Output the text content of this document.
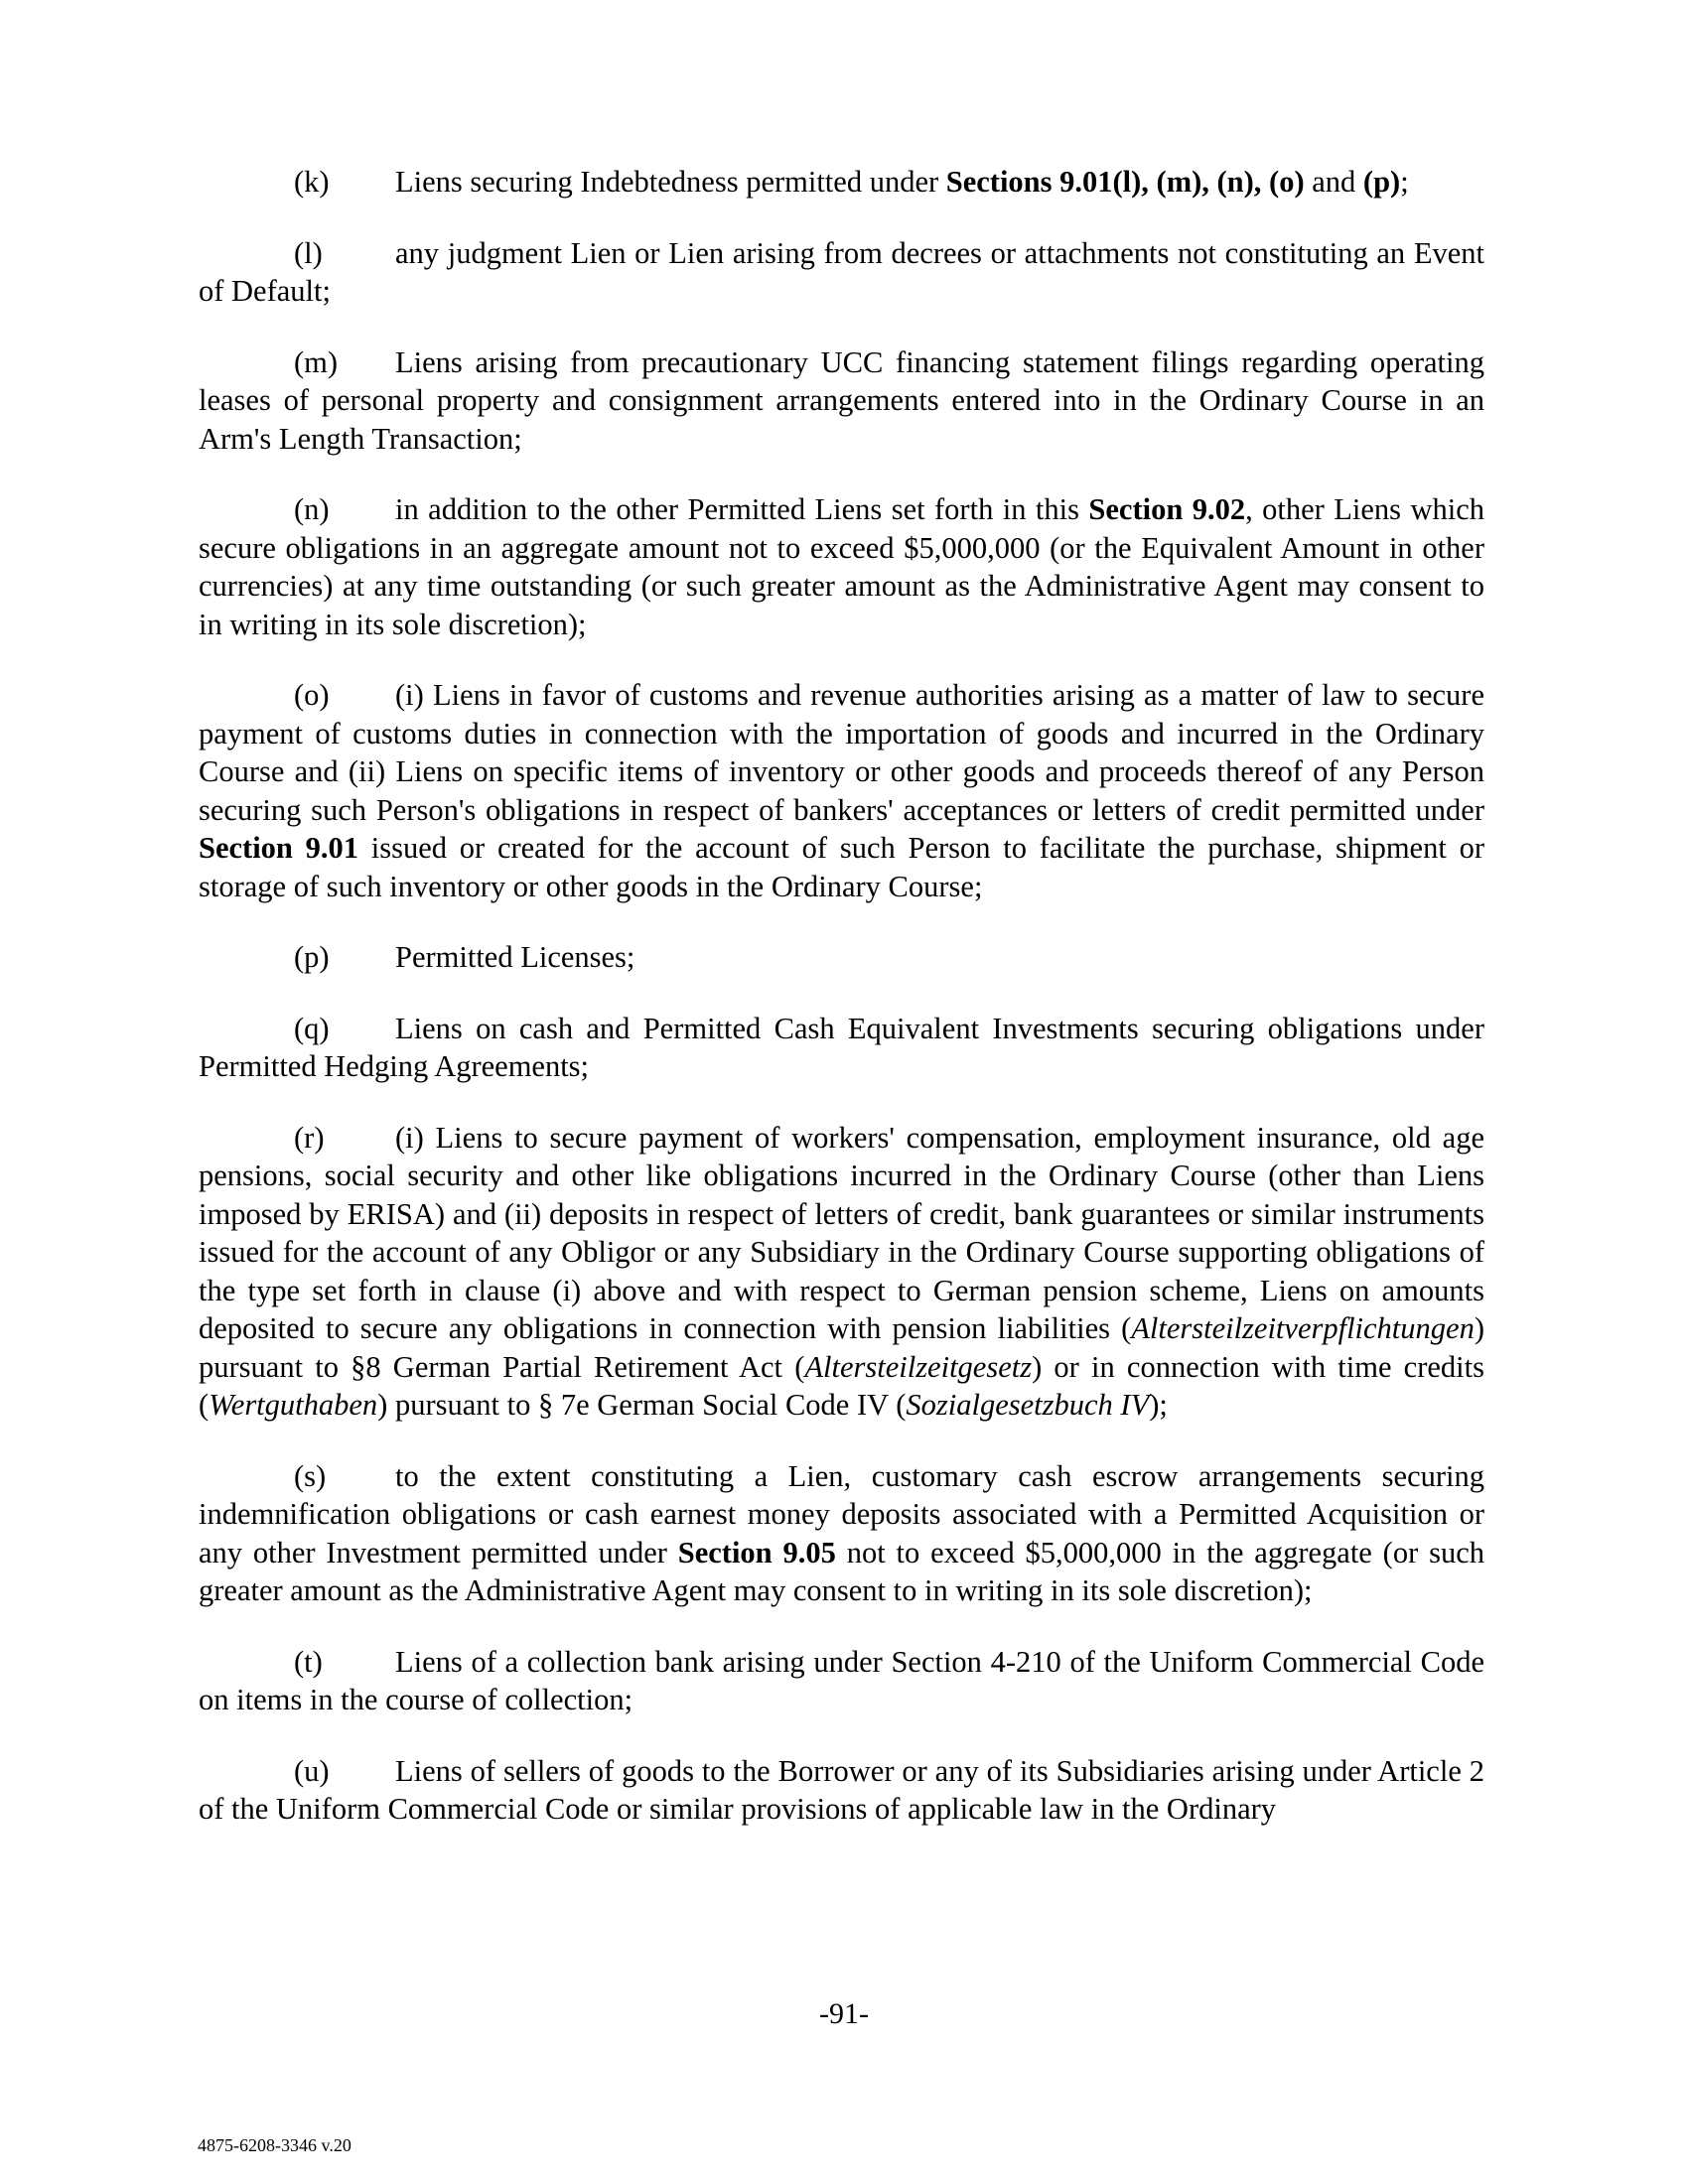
(k) Liens securing Indebtedness permitted under Sections 9.01(l), (m), (n), (o) and (p);

(l) any judgment Lien or Lien arising from decrees or attachments not constituting an Event of Default;

(m) Liens arising from precautionary UCC financing statement filings regarding operating leases of personal property and consignment arrangements entered into in the Ordinary Course in an Arm's Length Transaction;

(n) in addition to the other Permitted Liens set forth in this Section 9.02, other Liens which secure obligations in an aggregate amount not to exceed $5,000,000 (or the Equivalent Amount in other currencies) at any time outstanding (or such greater amount as the Administrative Agent may consent to in writing in its sole discretion);

(o) (i) Liens in favor of customs and revenue authorities arising as a matter of law to secure payment of customs duties in connection with the importation of goods and incurred in the Ordinary Course and (ii) Liens on specific items of inventory or other goods and proceeds thereof of any Person securing such Person's obligations in respect of bankers' acceptances or letters of credit permitted under Section 9.01 issued or created for the account of such Person to facilitate the purchase, shipment or storage of such inventory or other goods in the Ordinary Course;

(p) Permitted Licenses;

(q) Liens on cash and Permitted Cash Equivalent Investments securing obligations under Permitted Hedging Agreements;

(r) (i) Liens to secure payment of workers' compensation, employment insurance, old age pensions, social security and other like obligations incurred in the Ordinary Course (other than Liens imposed by ERISA) and (ii) deposits in respect of letters of credit, bank guarantees or similar instruments issued for the account of any Obligor or any Subsidiary in the Ordinary Course supporting obligations of the type set forth in clause (i) above and with respect to German pension scheme, Liens on amounts deposited to secure any obligations in connection with pension liabilities (Altersteilzeitverpflichtungen) pursuant to §8 German Partial Retirement Act (Altersteilzeitgesetz) or in connection with time credits (Wertguthaben) pursuant to § 7e German Social Code IV (Sozialgesetzbuch IV);

(s) to the extent constituting a Lien, customary cash escrow arrangements securing indemnification obligations or cash earnest money deposits associated with a Permitted Acquisition or any other Investment permitted under Section 9.05 not to exceed $5,000,000 in the aggregate (or such greater amount as the Administrative Agent may consent to in writing in its sole discretion);

(t) Liens of a collection bank arising under Section 4-210 of the Uniform Commercial Code on items in the course of collection;

(u) Liens of sellers of goods to the Borrower or any of its Subsidiaries arising under Article 2 of the Uniform Commercial Code or similar provisions of applicable law in the Ordinary

-91-
4875-6208-3346 v.20
